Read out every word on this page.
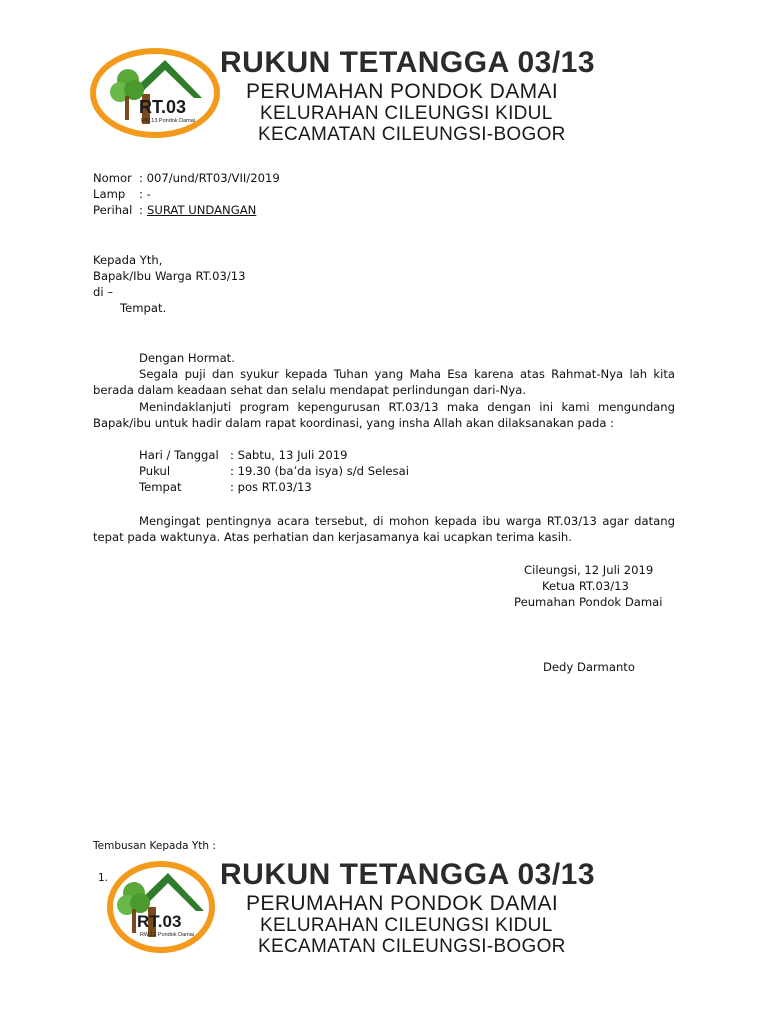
RT.03
RW.13 Pondok Damai
RUKUN TETANGGA 03/13
PERUMAHAN PONDOK DAMAI
KELURAHAN CILEUNGSI KIDUL
KECAMATAN CILEUNGSI-BOGOR
Nomor : 007/und/RT03/VII/2019
Lamp : -
Perihal : SURAT UNDANGAN
Kepada Yth,
Bapak/Ibu Warga RT.03/13
di –
Tempat.
Dengan Hormat.
Segala puji dan syukur kepada Tuhan yang Maha Esa karena atas Rahmat-Nya lah kita berada dalam keadaan sehat dan selalu mendapat perlindungan dari-Nya.
Menindaklanjuti program kepengurusan RT.03/13 maka dengan ini kami mengundang Bapak/ibu untuk hadir dalam rapat koordinasi, yang insha Allah akan dilaksanakan pada :
Hari / Tanggal : Sabtu, 13 Juli 2019
Pukul	: 19.30 (ba’da isya) s/d Selesai
Tempat	: pos RT.03/13
Mengingat pentingnya acara tersebut, di mohon kepada ibu warga RT.03/13 agar datang tepat pada waktunya. Atas perhatian dan kerjasamanya kai ucapkan terima kasih.
Cileungsi, 12 Juli 2019
Ketua RT.03/13
Peumahan Pondok Damai
Dedy Darmanto
Tembusan Kepada Yth :
1.
RT.03
RW.13 Pondok Damai
RUKUN TETANGGA 03/13
PERUMAHAN PONDOK DAMAI
KELURAHAN CILEUNGSI KIDUL
KECAMATAN CILEUNGSI-BOGOR
